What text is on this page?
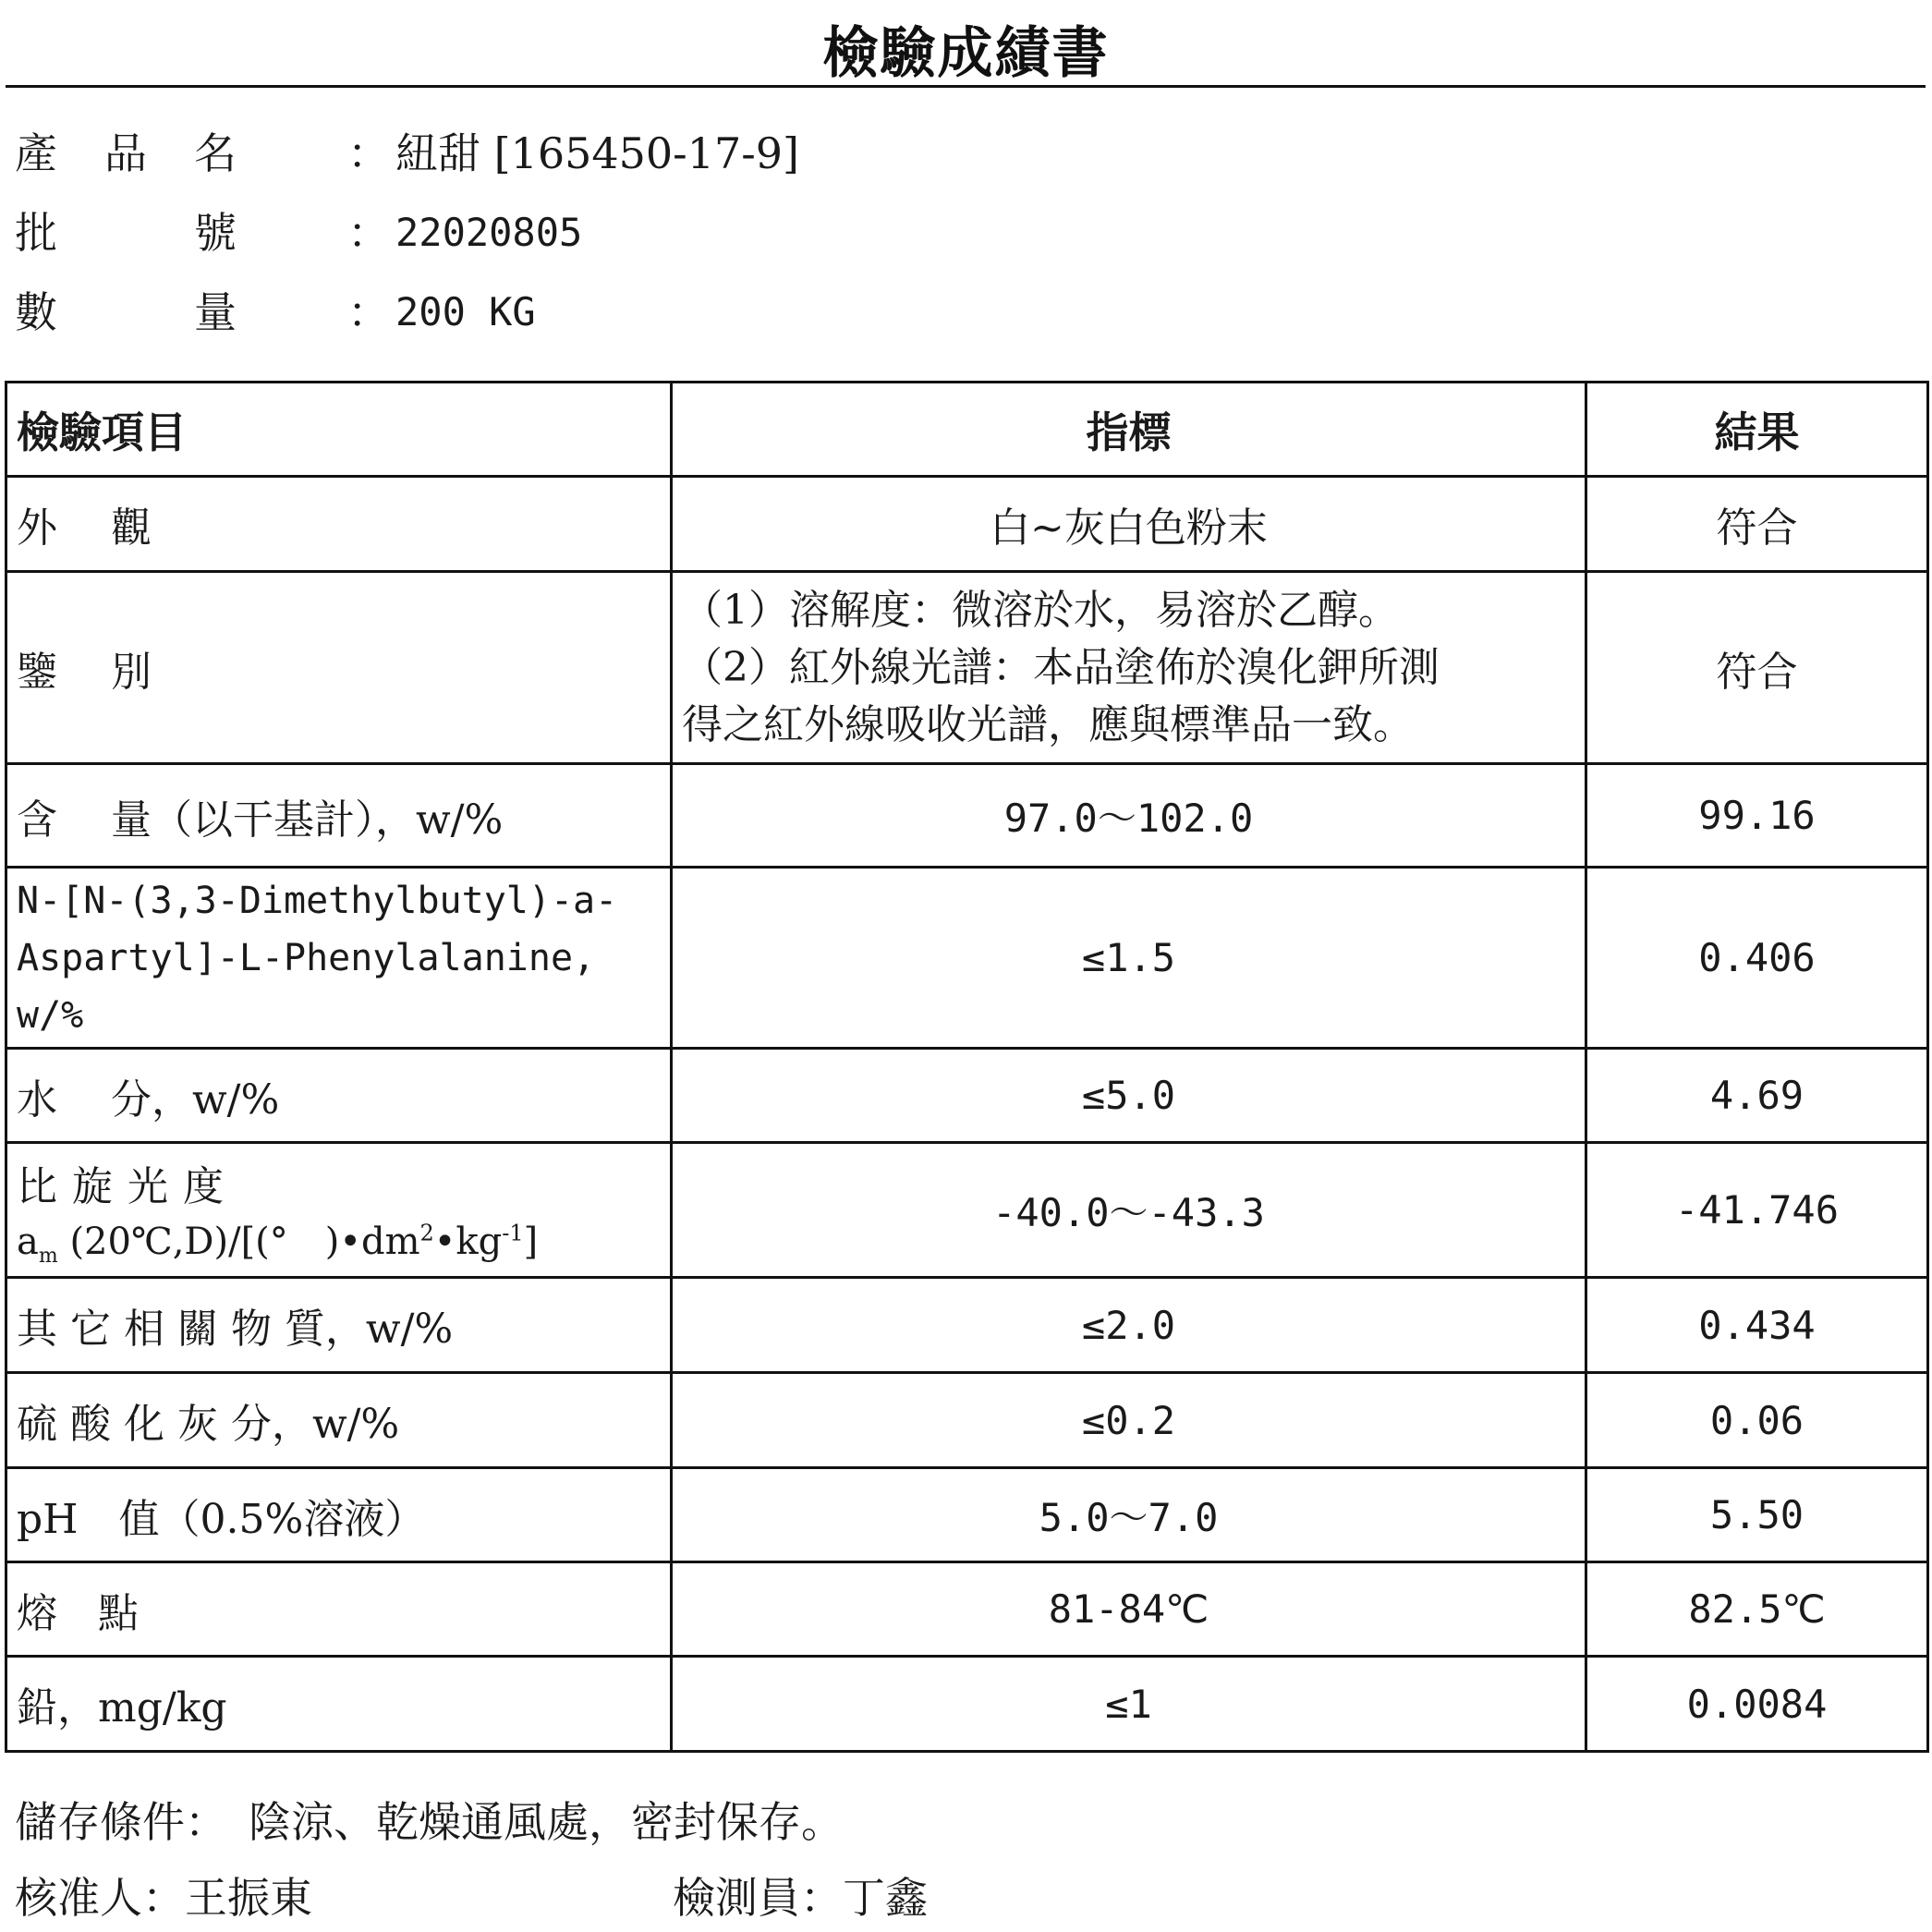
檢驗成績書
產 品 名	： 紐甜 [165450-17-9]
批	號	： 22020805
數	量	： 200 KG
檢驗項目	指標	結果
外　 觀	白~灰白色粉末	符合
鑒　 別	（1）溶解度：微溶於水，易溶於乙醇。
（2）紅外線光譜：本品塗佈於溴化鉀所測
得之紅外線吸收光譜，應與標準品一致。	符合
含　 量（以干基計），w/%	97.0～102.0	99.16

N-[N-(3,3-Dimethylbutyl)-a-
Aspartyl]-L-Phenylalanine,
w/%	≤1.5	0.406
水　 分，w/%	≤5.0	4.69

比旋光度
$a_m$ (20℃,D)/[(°　)$•dm^2•kg^{-1}$]	-40.0～-43.3	-41.746
其 它 相 關 物 質，w/%	≤2.0	0.434
硫 酸 化 灰 分，w/%	≤0.2	0.06
pH　值（0.5%溶液）	5.0～7.0	5.50
熔　點	81-84℃	82.5℃
鉛，mg/kg	≤1	0.0084
儲存條件：　陰涼、乾燥通風處，密封保存。
核准人：王振東	檢測員：丁鑫
